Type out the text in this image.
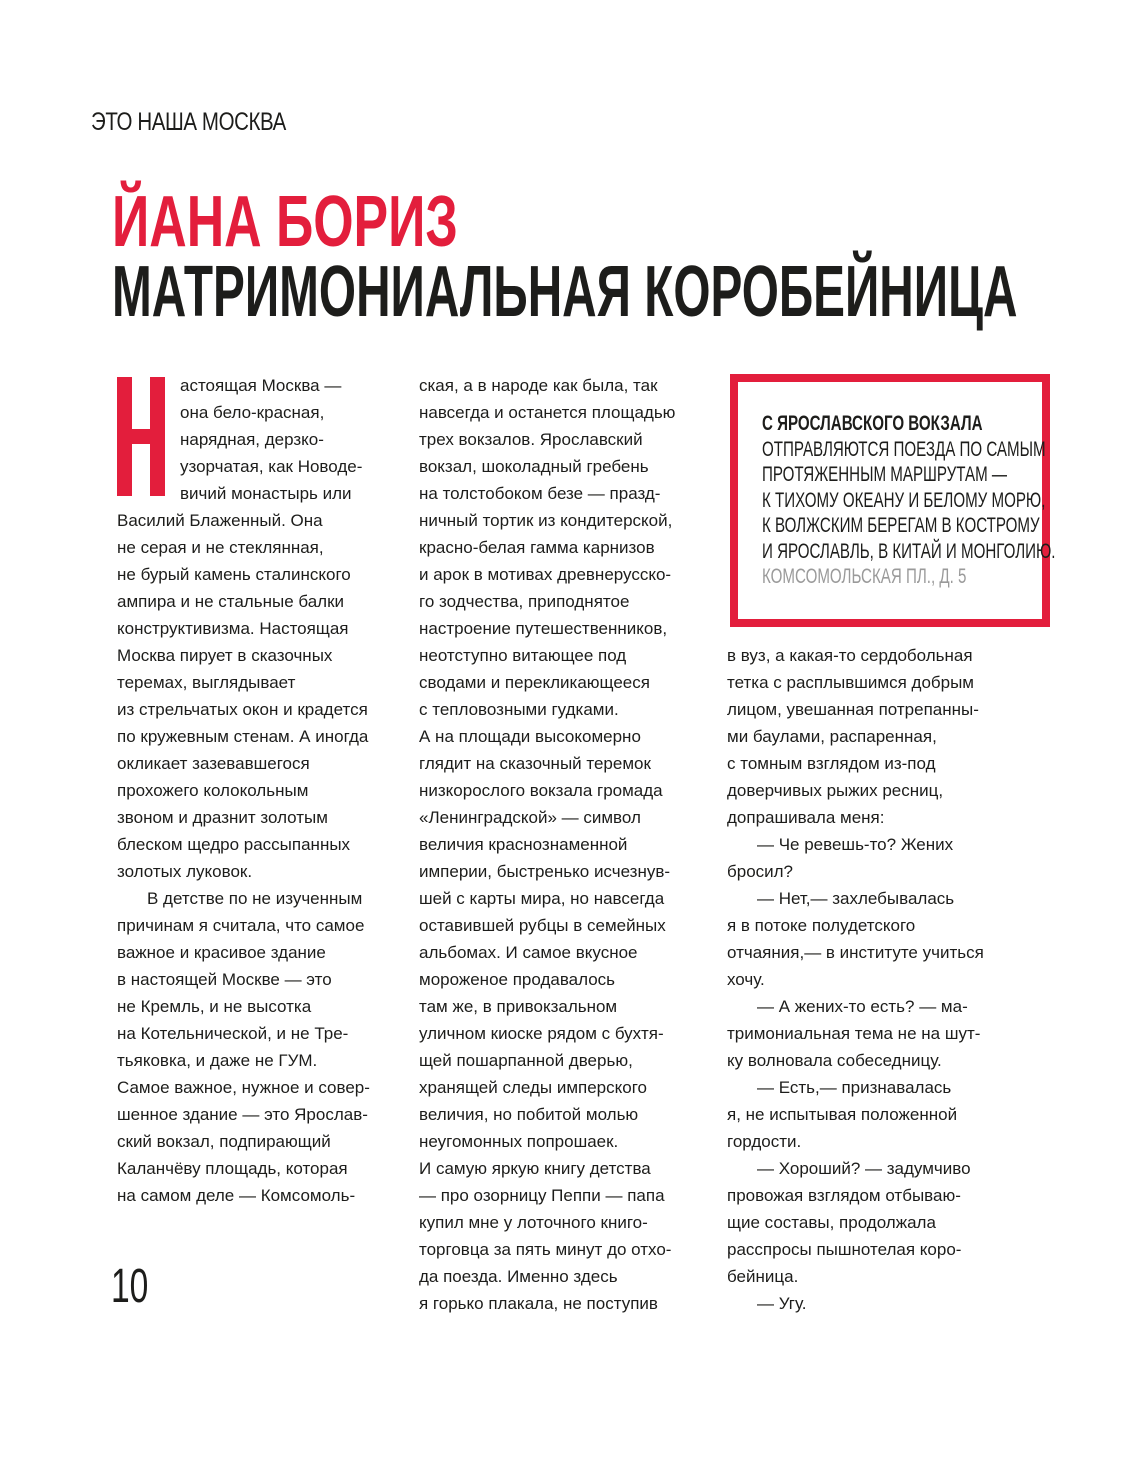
ЭТО НАША МОСКВА
ЙАНА БОРИЗ
МАТРИМОНИАЛЬНАЯ КОРОБЕЙНИЦА

астоящая Москва —

она бело-красная,

нарядная, дерзко-

узорчатая, как Новоде-

вичий монастырь или

Василий Блаженный. Она

не серая и не стеклянная,

не бурый камень сталинского

ампира и не стальные балки

конструктивизма. Настоящая

Москва пирует в сказочных

теремах, выглядывает

из стрельчатых окон и крадется

по кружевным стенам. А иногда

окликает зазевавшегося

прохожего колокольным

звоном и дразнит золотым

блеском щедро рассыпанных

золотых луковок.

В детстве по не изученным

причинам я считала, что самое

важное и красивое здание

в настоящей Москве — это

не Кремль, и не высотка

на Котельнической, и не Тре-

тьяковка, и даже не ГУМ.

Самое важное, нужное и совер-

шенное здание — это Ярослав-

ский вокзал, подпирающий

Каланчёву площадь, которая

на самом деле — Комсомоль-

ская, а в народе как была, так

навсегда и останется площадью

трех вокзалов. Ярославский

вокзал, шоколадный гребень

на толстобоком безе — празд-

ничный тортик из кондитерской,

красно-белая гамма карнизов

и арок в мотивах древнерусско-

го зодчества, приподнятое

настроение путешественников,

неотступно витающее под

сводами и перекликающееся

с тепловозными гудками.

А на площади высокомерно

глядит на сказочный теремок

низкорослого вокзала громада

«Ленинградской» — символ

величия краснознаменной

империи, быстренько исчезнув-

шей с карты мира, но навсегда

оставившей рубцы в семейных

альбомах. И самое вкусное

мороженое продавалось

там же, в привокзальном

уличном киоске рядом с бухтя-

щей пошарпанной дверью,

хранящей следы имперского

величия, но побитой молью

неугомонных попрошаек.

И самую яркую книгу детства

— про озорницу Пеппи — папа

купил мне у лоточного книго-

торговца за пять минут до отхо-

да поезда. Именно здесь

я горько плакала, не поступив

в вуз, а какая-то сердобольная

тетка с расплывшимся добрым

лицом, увешанная потрепанны-

ми баулами, распаренная,

с томным взглядом из-под

доверчивых рыжих ресниц,

допрашивала меня:

— Че ревешь-то? Жених

бросил?

— Нет,— захлебывалась

я в потоке полудетского

отчаяния,— в институте учиться

хочу.

— А жених-то есть? — ма-

тримониальная тема не на шут-

ку волновала собеседницу.

— Есть,— признавалась

я, не испытывая положенной

гордости.

— Хороший? — задумчиво

провожая взглядом отбываю-

щие составы, продолжала

расспросы пышнотелая коро-

бейница.

— Угу.

С ЯРОСЛАВСКОГО ВОКЗАЛА
ОТПРАВЛЯЮТСЯ ПОЕЗДА ПО САМЫМ
ПРОТЯЖЕННЫМ МАРШРУТАМ —
К ТИХОМУ ОКЕАНУ И БЕЛОМУ МОРЮ,
К ВОЛЖСКИМ БЕРЕГАМ В КОСТРОМУ
И ЯРОСЛАВЛЬ, В КИТАЙ И МОНГОЛИЮ.
КОМСОМОЛЬСКАЯ ПЛ., Д. 5
10
